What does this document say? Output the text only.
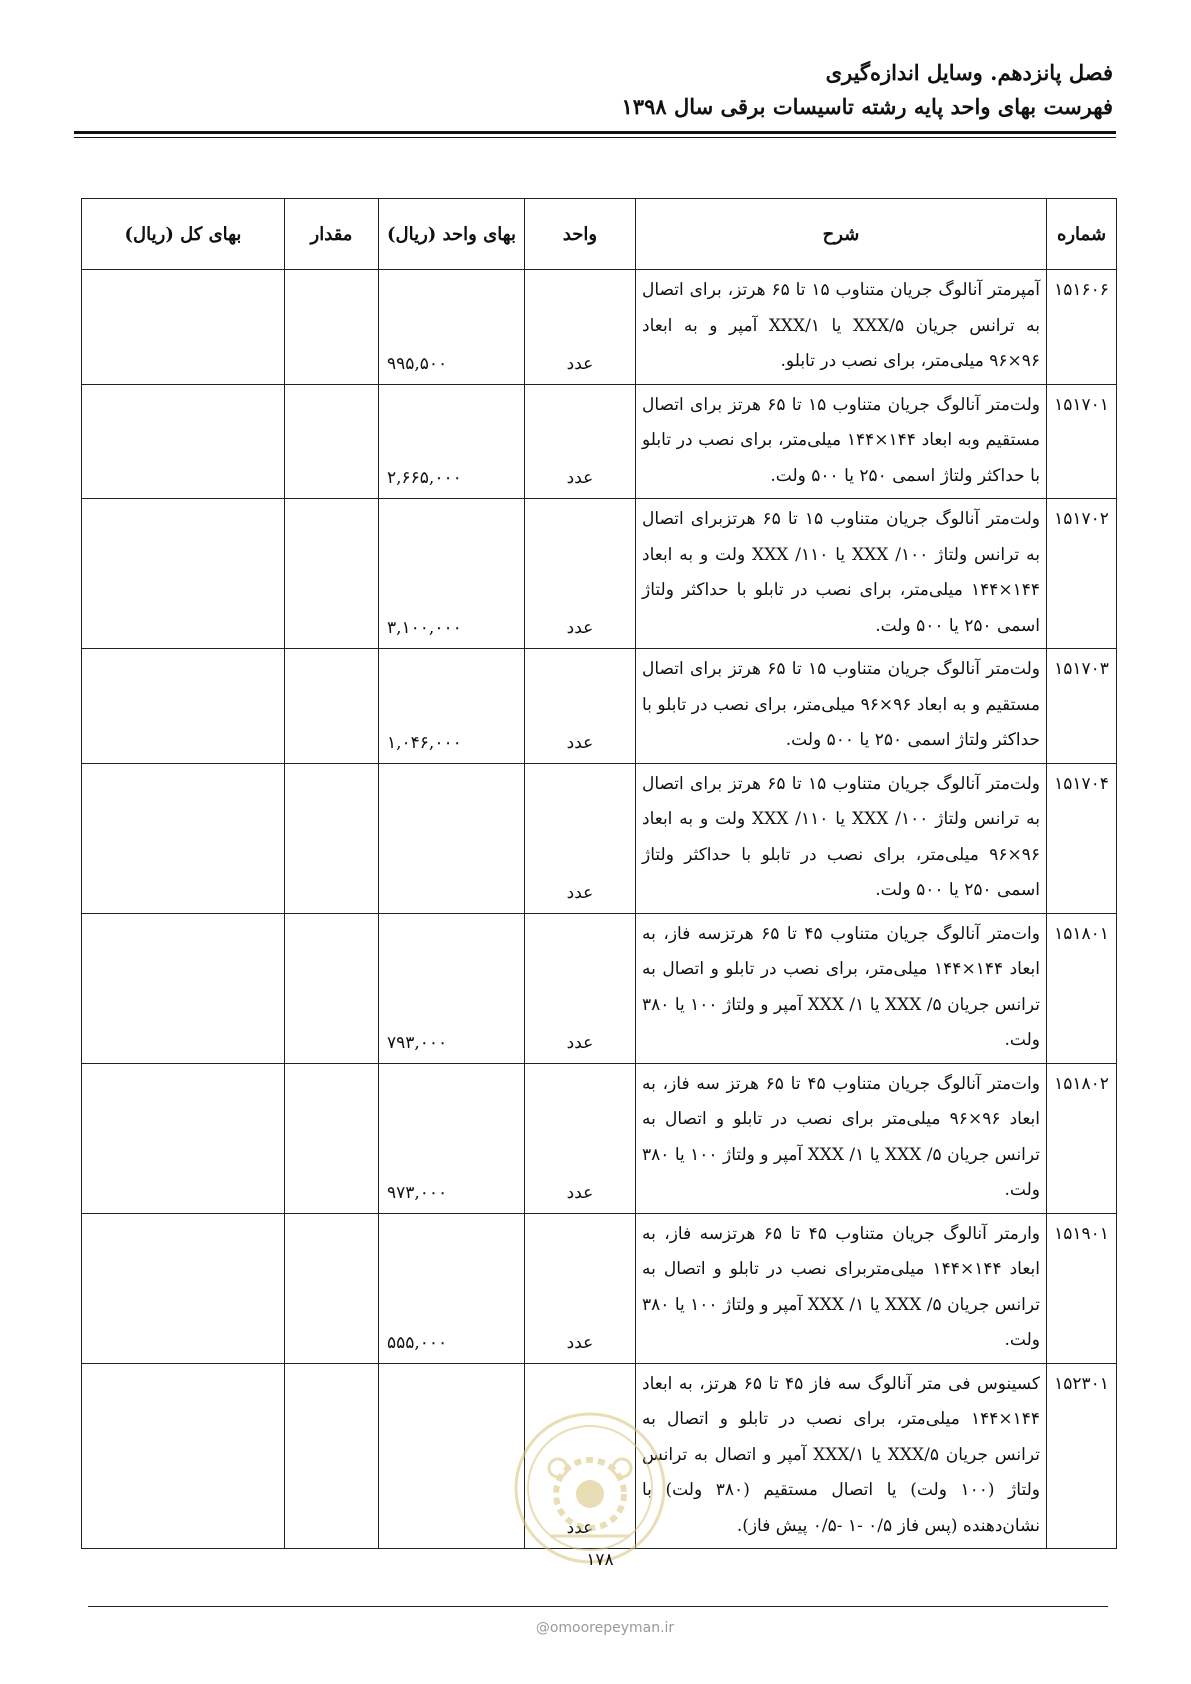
فصل پانزدهم. وسایل اندازه‌گیری
فهرست بهای واحد پایه رشته تاسیسات برقی سال ۱۳۹۸
شماره	شرح	واحد	بهای واحد (ریال)	مقدار	بهای کل (ریال)
۱۵۱۶۰۶	آمپرمتر آنالوگ جریان متناوب ۱۵ تا ۶۵ هرتز، برای اتصال به ترانس جریان XXX/۵ یا XXX/۱ آمپر و به ابعاد ۹۶×۹۶ میلی‌متر، برای نصب در تابلو.	عدد	۹۹۵,۵۰۰		
۱۵۱۷۰۱	ولت‌متر آنالوگ جریان متناوب ۱۵ تا ۶۵ هرتز برای اتصال مستقیم وبه ابعاد ۱۴۴×۱۴۴ میلی‌متر، برای نصب در تابلو با حداکثر ولتاژ اسمی ۲۵۰ یا ۵۰۰ ولت.	عدد	۲,۶۶۵,۰۰۰		
۱۵۱۷۰۲	ولت‌متر آنالوگ جریان متناوب ۱۵ تا ۶۵ هرتزبرای اتصال به ترانس ولتاژ ۱۰۰/ XXX یا ۱۱۰/ XXX ولت و به ابعاد ۱۴۴×۱۴۴ میلی‌متر، برای نصب در تابلو با حداکثر ولتاژ اسمی ۲۵۰ یا ۵۰۰ ولت.	عدد	۳,۱۰۰,۰۰۰		
۱۵۱۷۰۳	ولت‌متر آنالوگ جریان متناوب ۱۵ تا ۶۵ هرتز برای اتصال مستقیم و به ابعاد ۹۶×۹۶ میلی‌متر، برای نصب در تابلو با حداکثر ولتاژ اسمی ۲۵۰ یا ۵۰۰ ولت.	عدد	۱,۰۴۶,۰۰۰		
۱۵۱۷۰۴	ولت‌متر آنالوگ جریان متناوب ۱۵ تا ۶۵ هرتز برای اتصال به ترانس ولتاژ ۱۰۰/ XXX یا ۱۱۰/ XXX ولت و به ابعاد ۹۶×۹۶ میلی‌متر، برای نصب در تابلو با حداکثر ولتاژ اسمی ۲۵۰ یا ۵۰۰ ولت.	عدد			
۱۵۱۸۰۱	وات‌متر آنالوگ جریان متناوب ۴۵ تا ۶۵ هرتزسه فاز، به ابعاد ۱۴۴×۱۴۴ میلی‌متر، برای نصب در تابلو و اتصال به ترانس جریان ۵/ XXX یا ۱/ XXX آمپر و ولتاژ ۱۰۰ یا ۳۸۰ ولت.	عدد	۷۹۳,۰۰۰		
۱۵۱۸۰۲	وات‌متر آنالوگ جریان متناوب ۴۵ تا ۶۵ هرتز سه فاز، به ابعاد ۹۶×۹۶ میلی‌متر برای نصب در تابلو و اتصال به ترانس جریان ۵/ XXX یا ۱/ XXX آمپر و ولتاژ ۱۰۰ یا ۳۸۰ ولت.	عدد	۹۷۳,۰۰۰		
۱۵۱۹۰۱	وارمتر آنالوگ جریان متناوب ۴۵ تا ۶۵ هرتزسه فاز، به ابعاد ۱۴۴×۱۴۴ میلی‌متربرای نصب در تابلو و اتصال به ترانس جریان ۵/ XXX یا ۱/ XXX آمپر و ولتاژ ۱۰۰ یا ۳۸۰ ولت.	عدد	۵۵۵,۰۰۰		
۱۵۲۳۰۱	کسینوس فی متر آنالوگ سه فاز ۴۵ تا ۶۵ هرتز، به ابعاد ۱۴۴×۱۴۴ میلی‌متر، برای نصب در تابلو و اتصال به ترانس جریان XXX/۵ یا XXX/۱ آمپر و اتصال به ترانس ولتاژ (۱۰۰ ولت) یا اتصال مستقیم (۳۸۰ ولت) با نشان‌دهنده (پس فاز ۰/۵ -۱ -۰/۵ پیش فاز).	عدد			
۱۷۸
@omoorepeyman.ir
